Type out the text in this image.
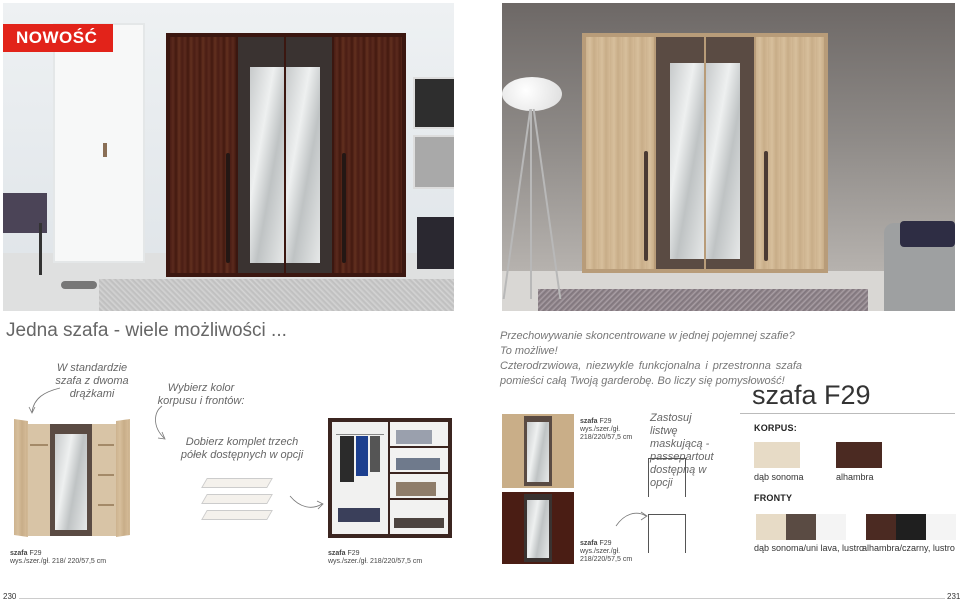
NOWOŚĆ
Jedna szafa - wiele możliwości ...
W standardzie szafa z dwoma drążkami	Wybierz kolor korpusu i frontów:
Dobierz komplet trzech półek dostępnych w opcji
szafa F29
wys./szer./gł. 218/ 220/57,5 cm
szafa F29
wys./szer./gł. 218/220/57,5 cm
Przechowywanie skoncentrowane w jednej pojemnej szafie? To możliwe!
Czterodrzwiowa, niezwykle funkcjonalna i przestronna szafa pomieści całą Twoją garderobę. Bo liczy się pomysłowość!
szafa F29
wys./szer./gł.
218/220/57,5 cm
szafa F29
wys./szer./gł.
218/220/57,5 cm
Zastosuj listwę maskującą - passepartout dostępną w opcji
szafa F29
KORPUS:
dąb sonoma	alhambra
FRONTY
dąb sonoma/uni lava, lustro
alhambra/czarny, lustro
230	231
